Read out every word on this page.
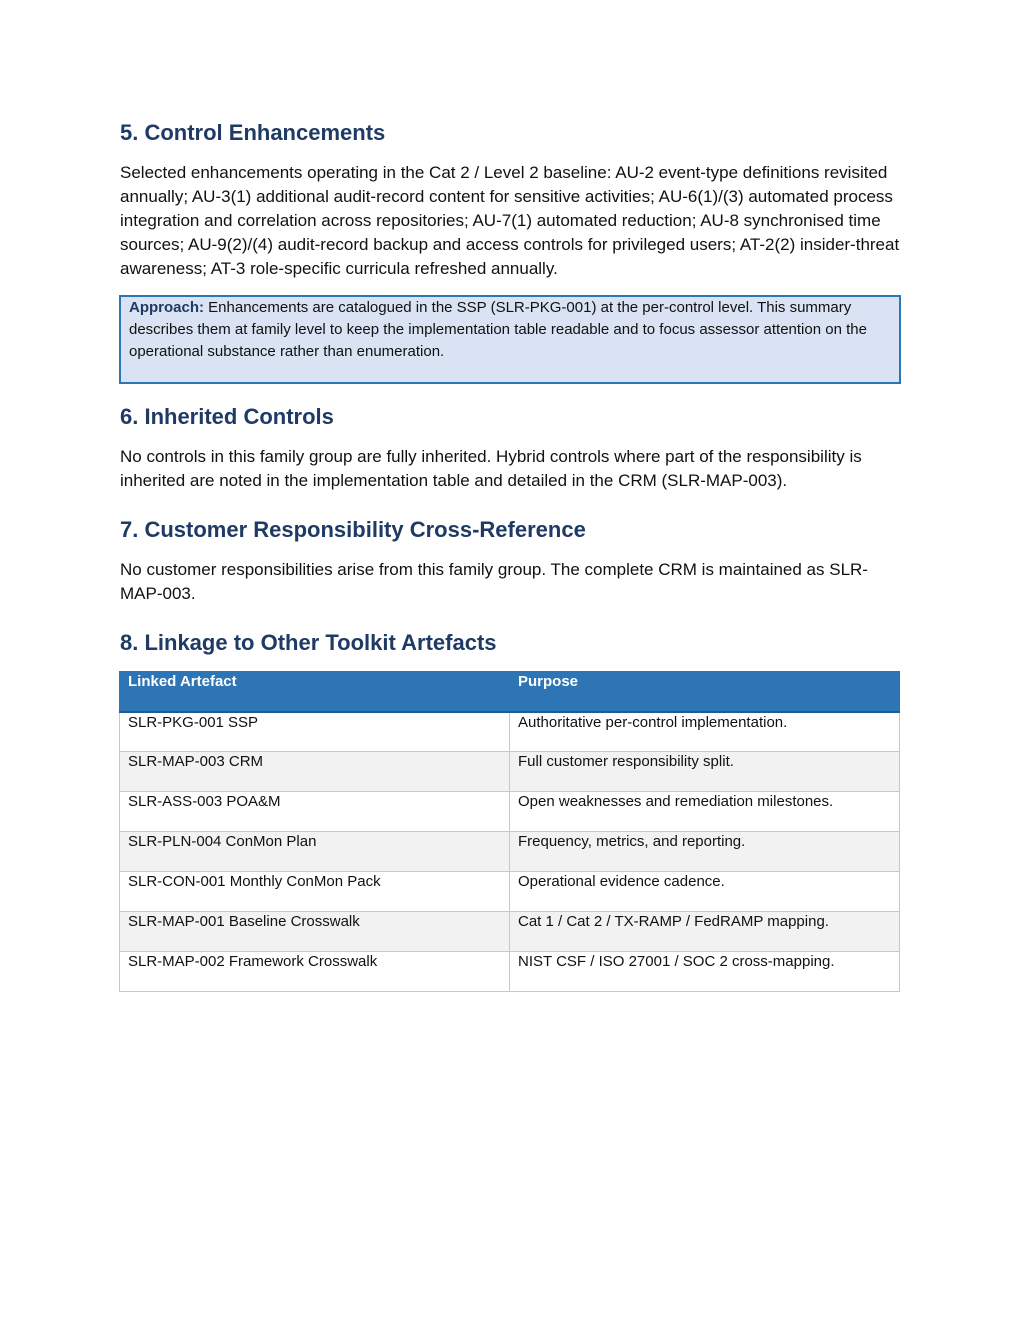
5. Control Enhancements

Selected enhancements operating in the Cat 2 / Level 2 baseline: AU-2 event-type definitions revisited annually; AU-3(1) additional audit-record content for sensitive activities; AU-6(1)/(3) automated process integration and correlation across repositories; AU-7(1) automated reduction; AU-8 synchronised time sources; AU-9(2)/(4) audit-record backup and access controls for privileged users; AT-2(2) insider-threat awareness; AT-3 role-specific curricula refreshed annually.

Approach: Enhancements are catalogued in the SSP (SLR-PKG-001) at the per-control level. This summary describes them at family level to keep the implementation table readable and to focus assessor attention on the operational substance rather than enumeration.
6. Inherited Controls

No controls in this family group are fully inherited. Hybrid controls where part of the responsibility is inherited are noted in the implementation table and detailed in the CRM (SLR-MAP-003).

7. Customer Responsibility Cross-Reference

No customer responsibilities arise from this family group. The complete CRM is maintained as SLR-MAP-003.

8. Linkage to Other Toolkit Artefacts
Linked Artefact	Purpose
SLR-PKG-001 SSP	Authoritative per-control implementation.
SLR-MAP-003 CRM	Full customer responsibility split.
SLR-ASS-003 POA&M	Open weaknesses and remediation milestones.
SLR-PLN-004 ConMon Plan	Frequency, metrics, and reporting.
SLR-CON-001 Monthly ConMon Pack	Operational evidence cadence.
SLR-MAP-001 Baseline Crosswalk	Cat 1 / Cat 2 / TX-RAMP / FedRAMP mapping.
SLR-MAP-002 Framework Crosswalk	NIST CSF / ISO 27001 / SOC 2 cross-mapping.
